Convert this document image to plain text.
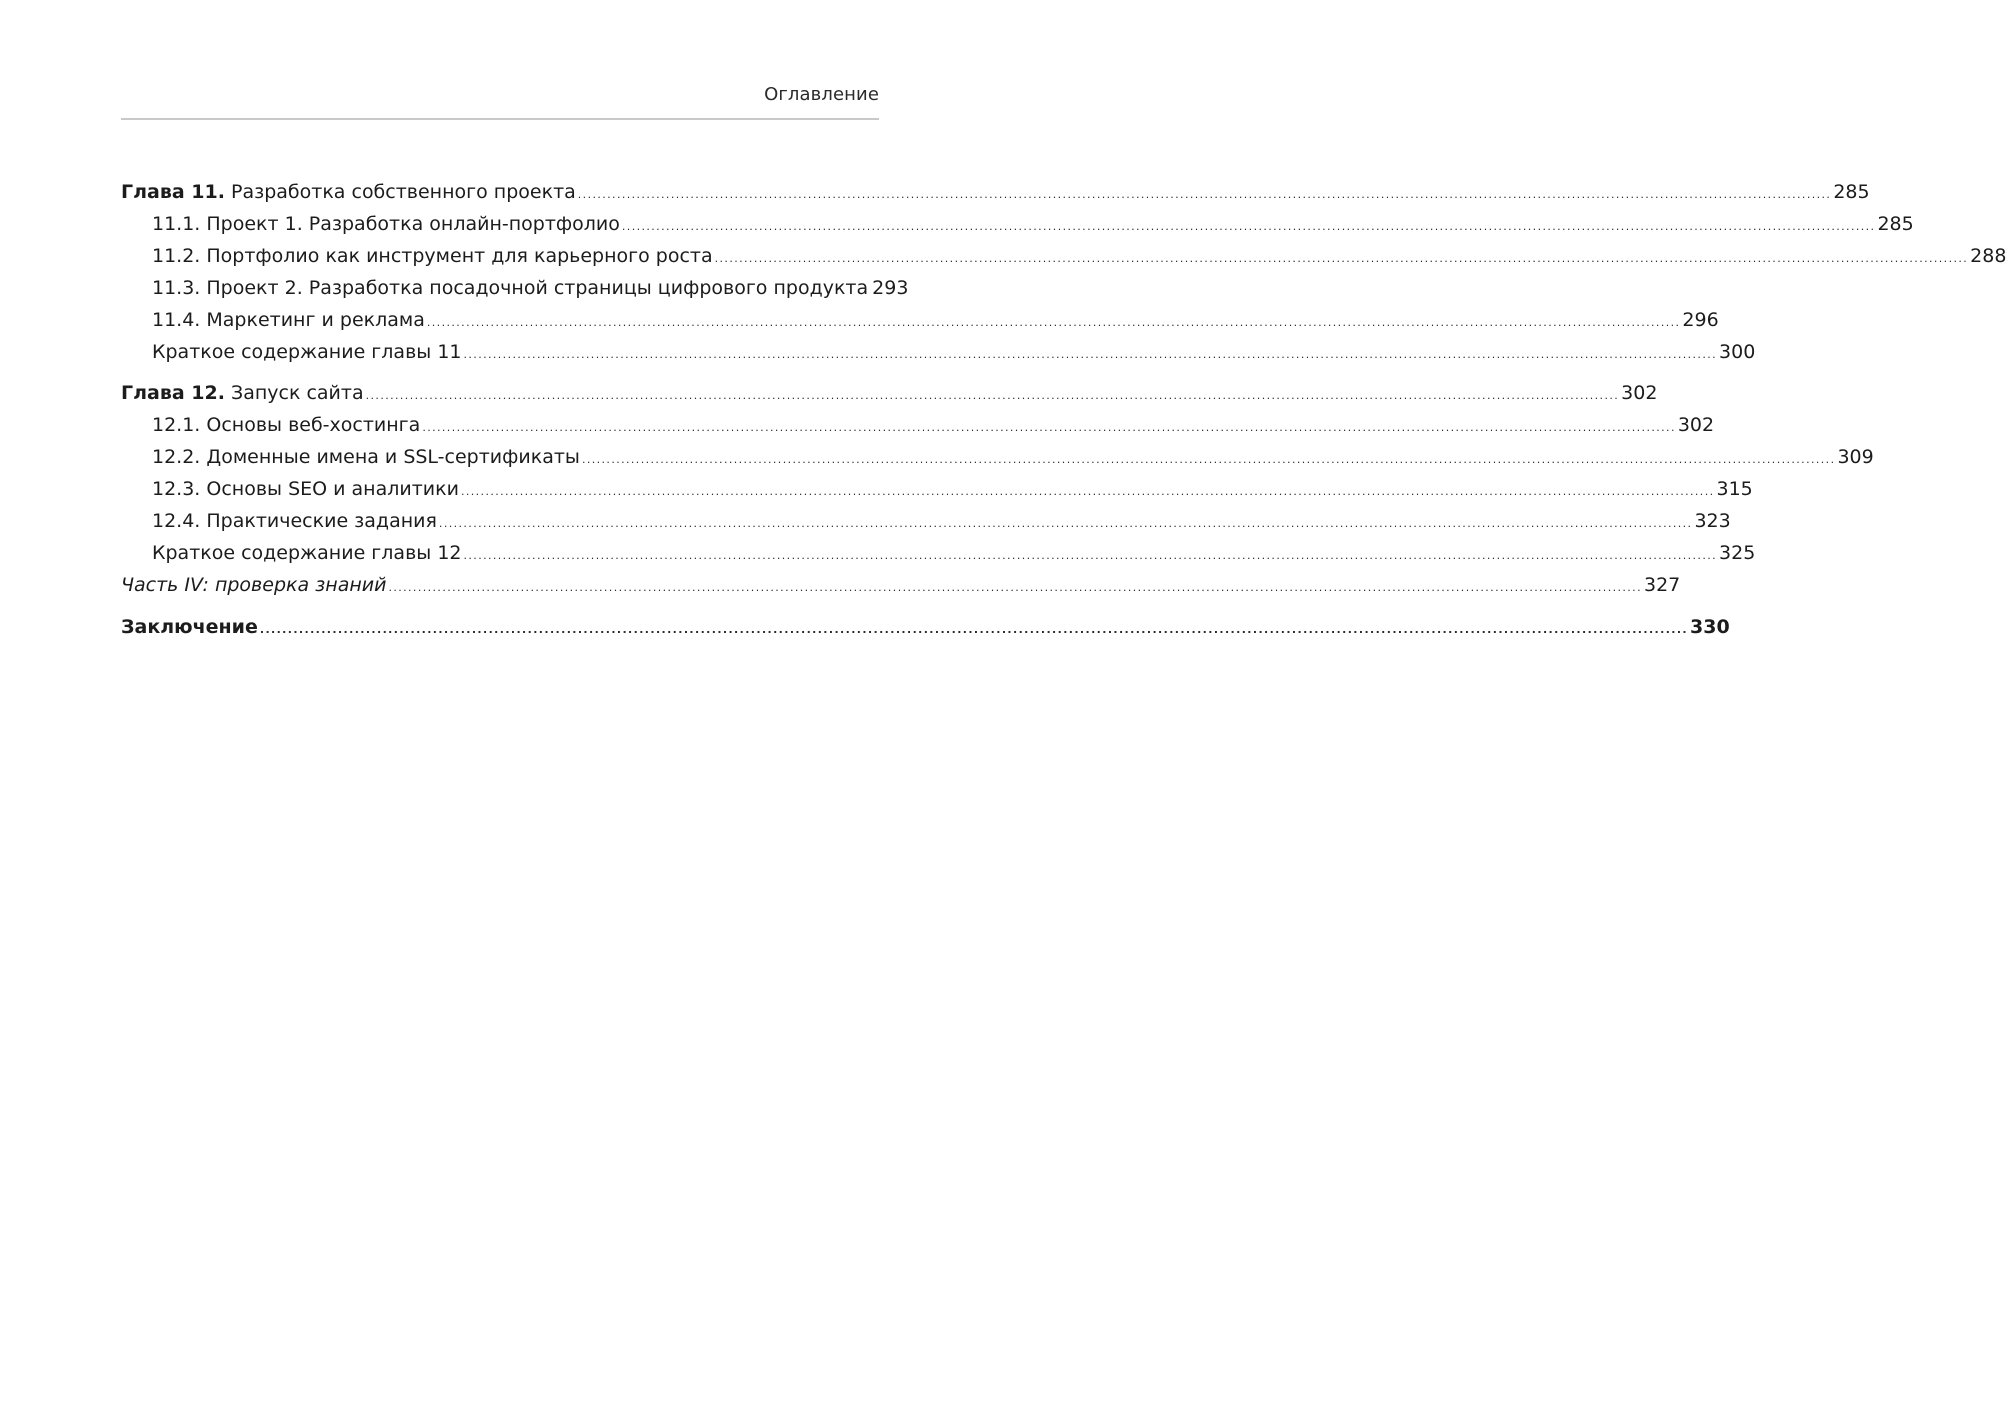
Оглавление
Глава 11. Разработка собственного проекта .....	285
11.1. Проект 1. Разработка онлайн-портфолио .....	285
11.2. Портфолио как инструмент для карьерного роста .....	288
11.3. Проект 2. Разработка посадочной страницы цифрового продукта 293
11.4. Маркетинг и реклама .....	296
Краткое содержание главы 11 .....	300
Глава 12. Запуск сайта .....	302
12.1. Основы веб-хостинга .....	302
12.2. Доменные имена и SSL-сертификаты .....	309
12.3. Основы SEO и аналитики .....	315
12.4. Практические задания .....	323
Краткое содержание главы 12 .....	325
Часть IV: проверка знаний .....	327
Заключение .....	330
